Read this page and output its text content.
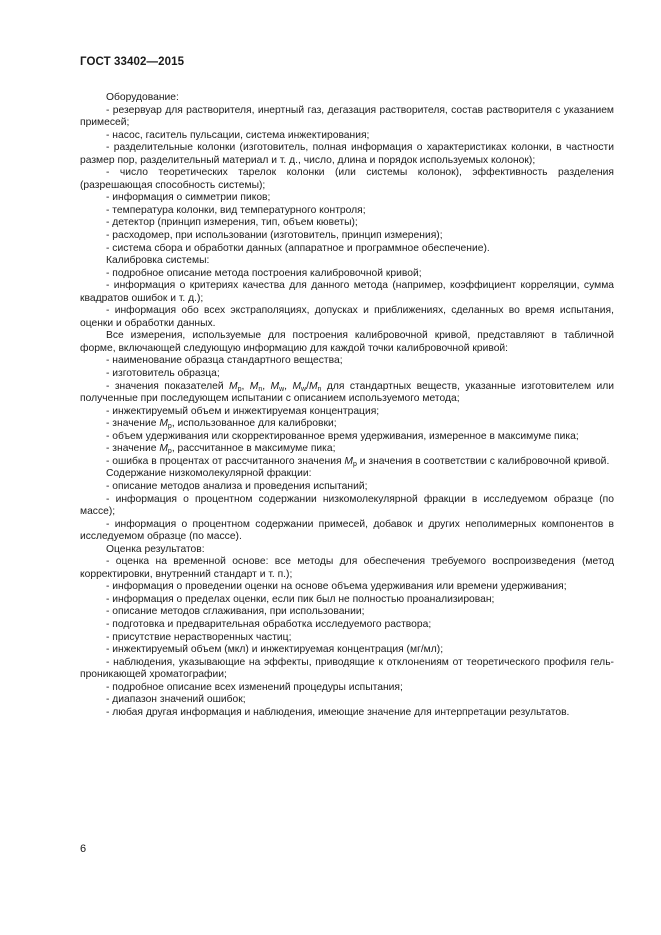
ГОСТ 33402—2015

Оборудование:

- резервуар для растворителя, инертный газ, дегазация растворителя, состав растворителя с указанием примесей;

- насос, гаситель пульсации, система инжектирования;

- разделительные колонки (изготовитель, полная информация о характеристиках колонки, в частности размер пор, разделительный материал и т. д., число, длина и порядок используемых колонок);

- число теоретических тарелок колонки (или системы колонок), эффективность разделения (разрешающая способность системы);

- информация о симметрии пиков;

- температура колонки, вид температурного контроля;

- детектор (принцип измерения, тип, объем кюветы);

- расходомер, при использовании (изготовитель, принцип измерения);

- система сбора и обработки данных (аппаратное и программное обеспечение).

Калибровка системы:

- подробное описание метода построения калибровочной кривой;

- информация о критериях качества для данного метода (например, коэффициент корреляции, сумма квадратов ошибок и т. д.);

- информация обо всех экстраполяциях, допусках и приближениях, сделанных во время испытания, оценки и обработки данных.

Все измерения, используемые для построения калибровочной кривой, представляют в табличной форме, включающей следующую информацию для каждой точки калибровочной кривой:

- наименование образца стандартного вещества;

- изготовитель образца;

- значения показателей $M_p$, $M_n$, $M_w$, $M_w/M_n$ для стандартных веществ, указанные изготовителем или полученные при последующем испытании с описанием используемого метода;

- инжектируемый объем и инжектируемая концентрация;

- значение $M_p$, использованное для калибровки;

- объем удерживания или скорректированное время удерживания, измеренное в максимуме пика;

- значение $M_p$, рассчитанное в максимуме пика;

- ошибка в процентах от рассчитанного значения $M_p$ и значения в соответствии с калибровочной кривой.

Содержание низкомолекулярной фракции:

- описание методов анализа и проведения испытаний;

- информация о процентном содержании низкомолекулярной фракции в исследуемом образце (по массе);

- информация о процентном содержании примесей, добавок и других неполимерных компонентов в исследуемом образце (по массе).

Оценка результатов:

- оценка на временной основе: все методы для обеспечения требуемого воспроизведения (метод корректировки, внутренний стандарт и т. п.);

- информация о проведении оценки на основе объема удерживания или времени удерживания;

- информация о пределах оценки, если пик был не полностью проанализирован;

- описание методов сглаживания, при использовании;

- подготовка и предварительная обработка исследуемого раствора;

- присутствие нерастворенных частиц;

- инжектируемый объем (мкл) и инжектируемая концентрация (мг/мл);

- наблюдения, указывающие на эффекты, приводящие к отклонениям от теоретического профиля гель-проникающей хроматографии;

- подробное описание всех изменений процедуры испытания;

- диапазон значений ошибок;

- любая другая информация и наблюдения, имеющие значение для интерпретации результатов.

6
